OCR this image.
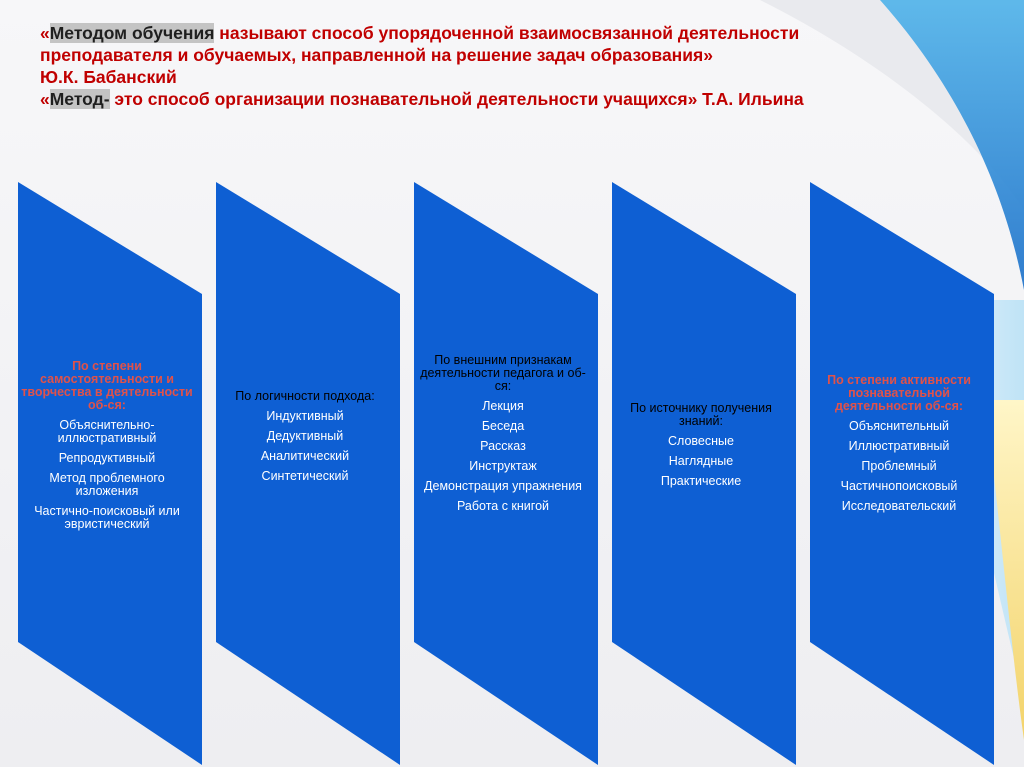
«Методом обучения называют способ упорядоченной взаимосвязанной деятельности

преподавателя и обучаемых, направленной на решение задач образования»

Ю.К. Бабанский

«Метод- это способ организации познавательной деятельности учащихся» Т.А. Ильина

По степени самостоятельности и творчества в деятельности об-ся:
Объяснительно-иллюстративный
Репродуктивный
Метод проблемного изложения
Частично-поисковый или эвристический
По логичности подхода:
Индуктивный
Дедуктивный
Аналитический
Синтетический
По внешним признакам деятельности педагога и об-ся:
Лекция
Беседа
Рассказ
Инструктаж
Демонстрация упражнения
Работа с книгой
По источнику получения знаний:
Словесные
Наглядные
Практические
По степени активности познавательной деятельности об-ся:
Объяснительный
Иллюстративный
Проблемный
Частичнопоисковый
Исследовательский
